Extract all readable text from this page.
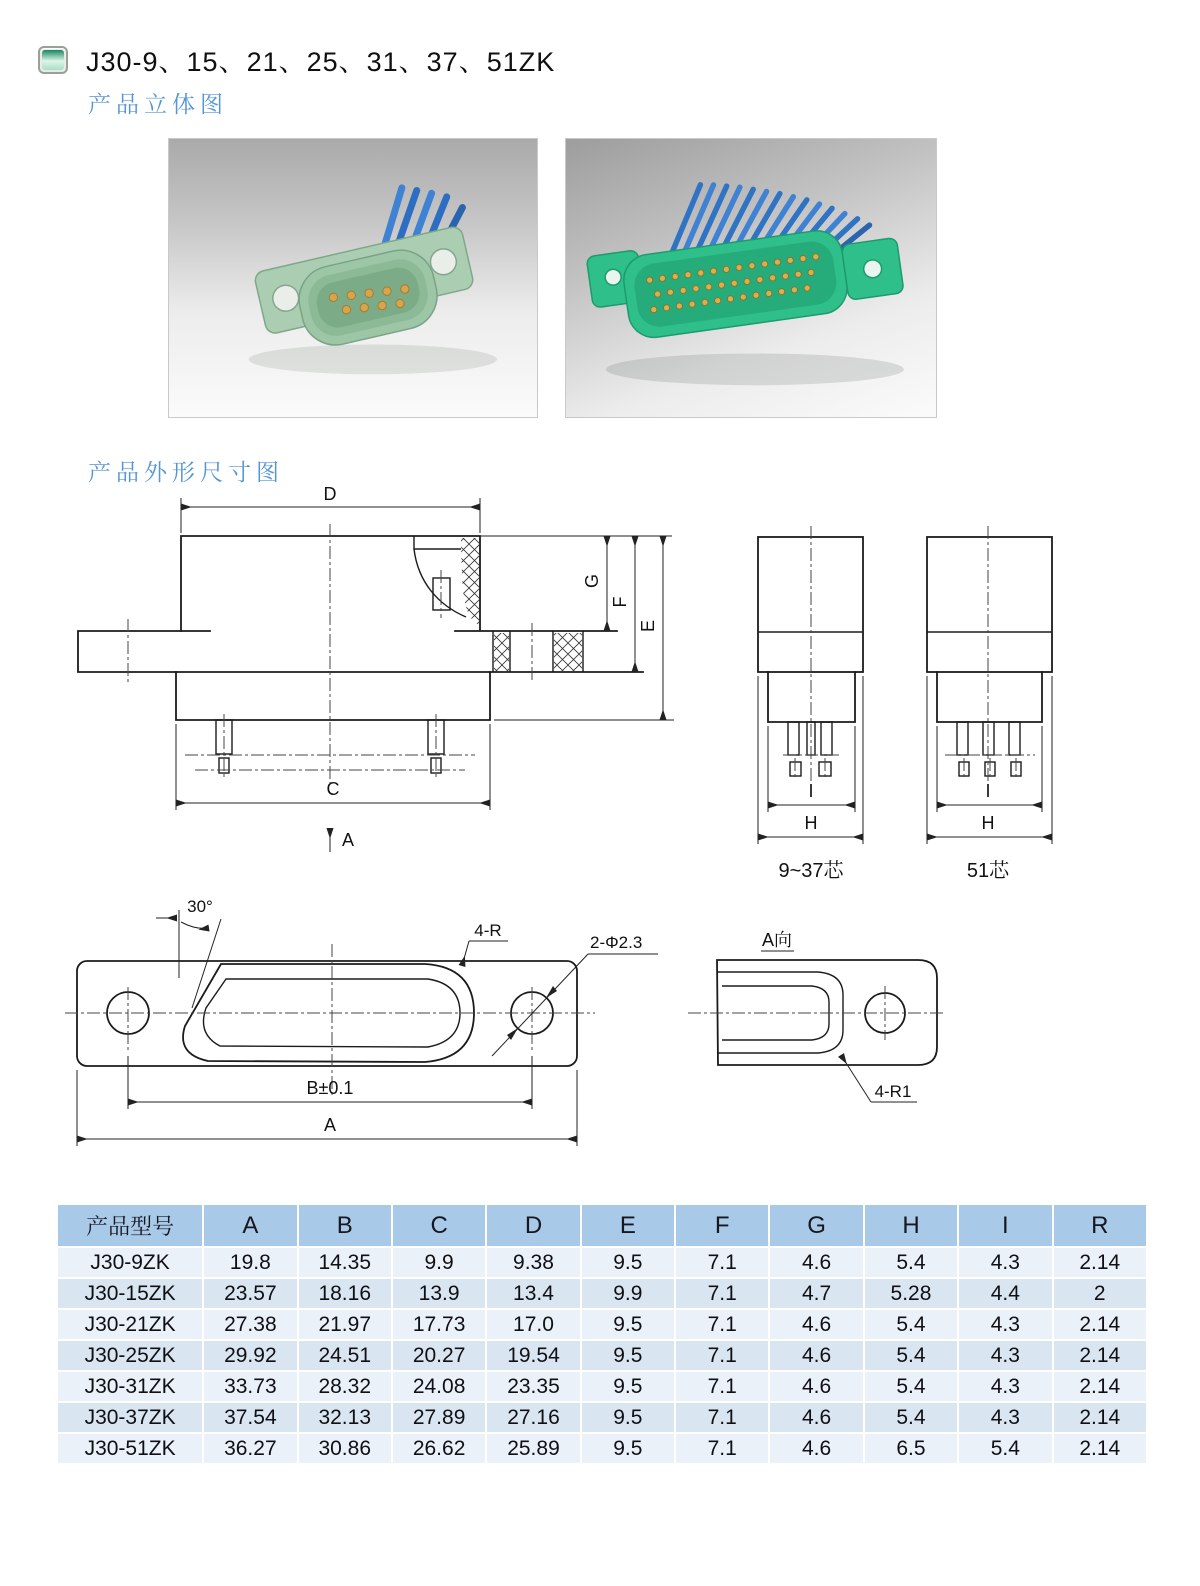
J30-9、15、21、25、31、37、51ZK
产品立体图
产品外形尺寸图
D
C
A
G
F
E
I
H
9~37芯
I
H
51芯
30°
4-R
2-Φ2.3
B±0.1
A
A向
4-R1
产品型号	A	B	C	D	E	F	G	H	I	R
J30-9ZK	19.8	14.35	9.9	9.38	9.5	7.1	4.6	5.4	4.3	2.14
J30-15ZK	23.57	18.16	13.9	13.4	9.9	7.1	4.7	5.28	4.4	2
J30-21ZK	27.38	21.97	17.73	17.0	9.5	7.1	4.6	5.4	4.3	2.14
J30-25ZK	29.92	24.51	20.27	19.54	9.5	7.1	4.6	5.4	4.3	2.14
J30-31ZK	33.73	28.32	24.08	23.35	9.5	7.1	4.6	5.4	4.3	2.14
J30-37ZK	37.54	32.13	27.89	27.16	9.5	7.1	4.6	5.4	4.3	2.14
J30-51ZK	36.27	30.86	26.62	25.89	9.5	7.1	4.6	6.5	5.4	2.14
